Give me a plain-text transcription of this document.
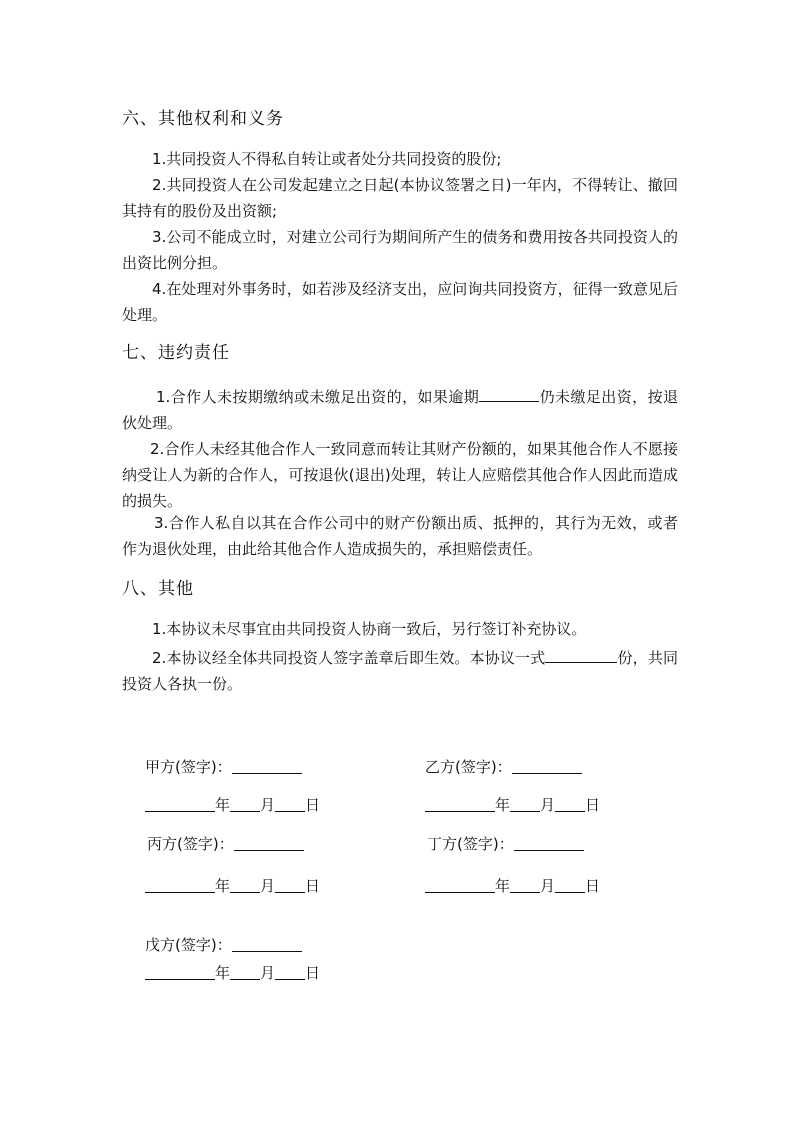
六、其他权利和义务

1.共同投资人不得私自转让或者处分共同投资的股份;

2.共同投资人在公司发起建立之日起(本协议签署之日)一年内，不得转让、撤回其持有的股份及出资额;

3.公司不能成立时，对建立公司行为期间所产生的债务和费用按各共同投资人的出资比例分担。

4.在处理对外事务时，如若涉及经济支出，应问询共同投资方，征得一致意见后处理。

七、违约责任

1.合作人未按期缴纳或未缴足出资的，如果逾期	仍未缴足出资，按退伙处理。

2.合作人未经其他合作人一致同意而转让其财产份额的，如果其他合作人不愿接纳受让人为新的合作人，可按退伙(退出)处理，转让人应赔偿其他合作人因此而造成的损失。

3.合作人私自以其在合作公司中的财产份额出质、抵押的，其行为无效，或者作为退伙处理，由此给其他合作人造成损失的，承担赔偿责任。

八、其他

1.本协议未尽事宜由共同投资人协商一致后，另行签订补充协议。

2.本协议经全体共同投资人签字盖章后即生效。本协议一式	份，共同投资人各执一份。

甲方(签字)：	乙方(签字)：
年 月 日	年 月 日
丙方(签字)：	丁方(签字)：
年 月 日	年 月 日
戊方(签字)：
年 月 日
